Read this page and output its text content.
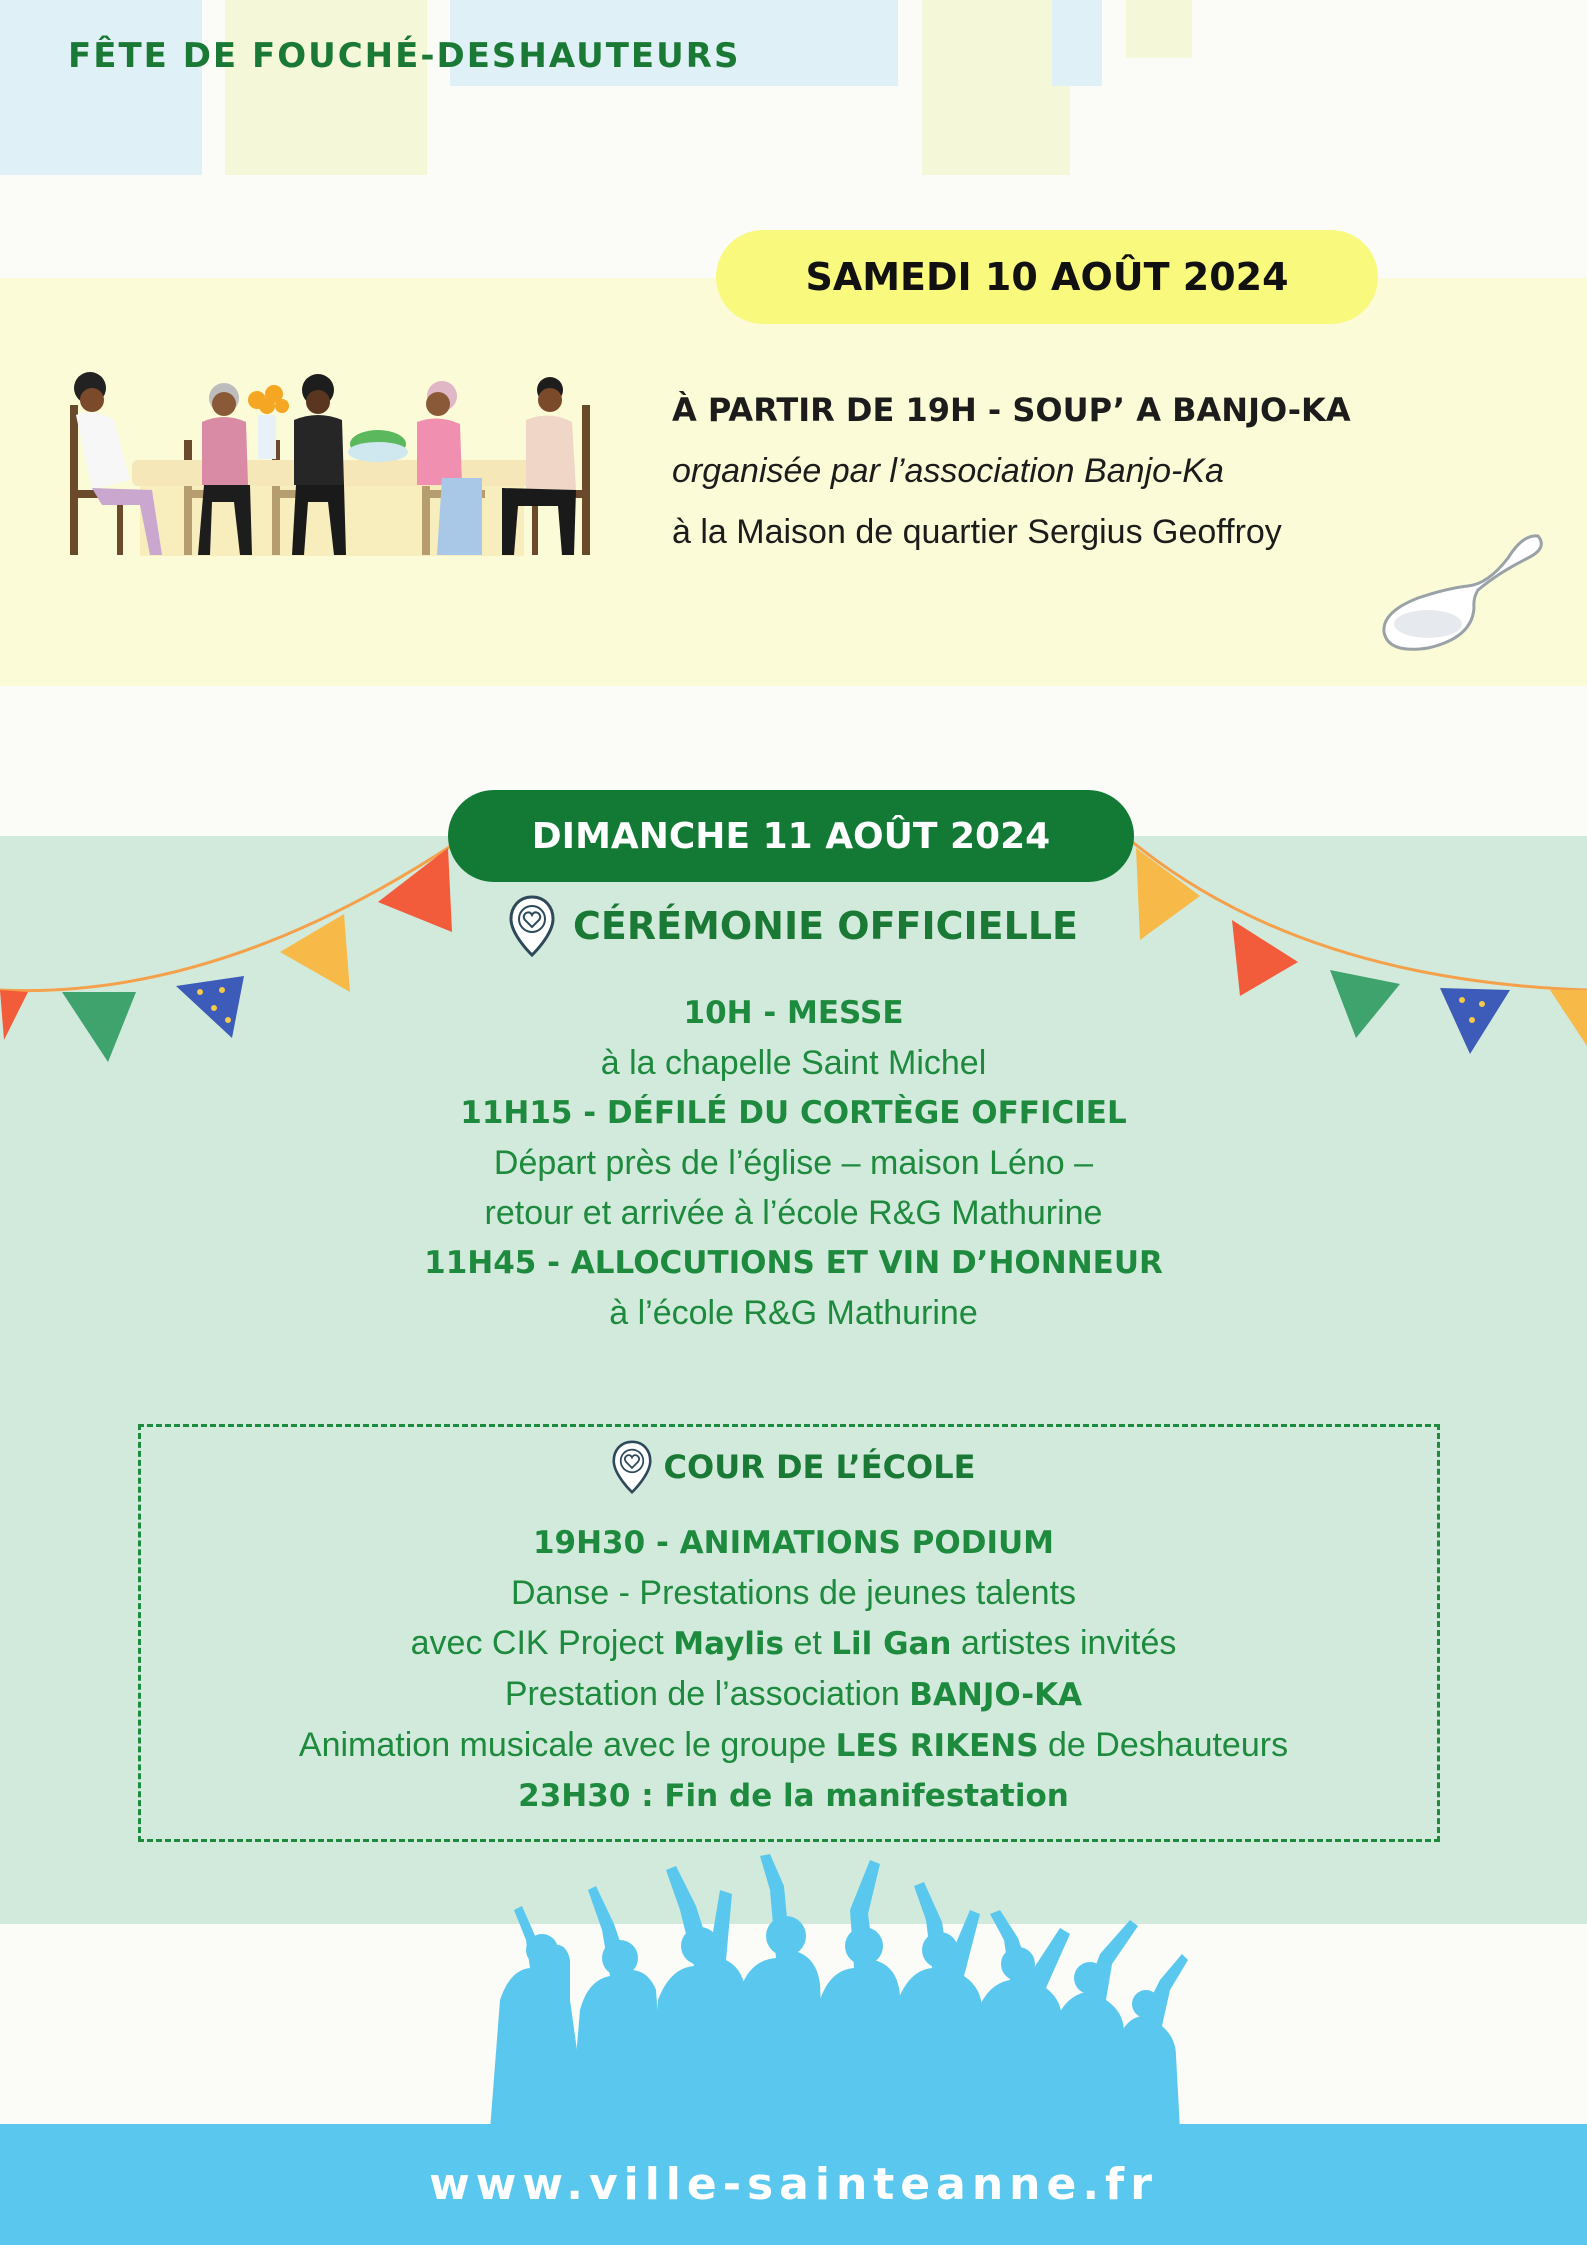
FÊTE DE FOUCHÉ-DESHAUTEURS
SAMEDI 10 AOÛT 2024
À PARTIR DE 19H - SOUP’ A BANJO-KA
organisée par l’association Banjo-Ka
à la Maison de quartier Sergius Geoffroy
DIMANCHE 11 AOÛT 2024
CÉRÉMONIE OFFICIELLE
10H - MESSE
à la chapelle Saint Michel
11H15 - DÉFILÉ DU CORTÈGE OFFICIEL
Départ près de l’église – maison Léno –
retour et arrivée à l’école R&G Mathurine
11H45 - ALLOCUTIONS ET VIN D’HONNEUR
à l’école R&G Mathurine
COUR DE L’ÉCOLE
19H30 - ANIMATIONS PODIUM
Danse - Prestations de jeunes talents
avec CIK Project Maylis et Lil Gan artistes invités
Prestation de l’association BANJO-KA
Animation musicale avec le groupe LES RIKENS de Deshauteurs
23H30 : Fin de la manifestation
www.ville-sainteanne.fr
